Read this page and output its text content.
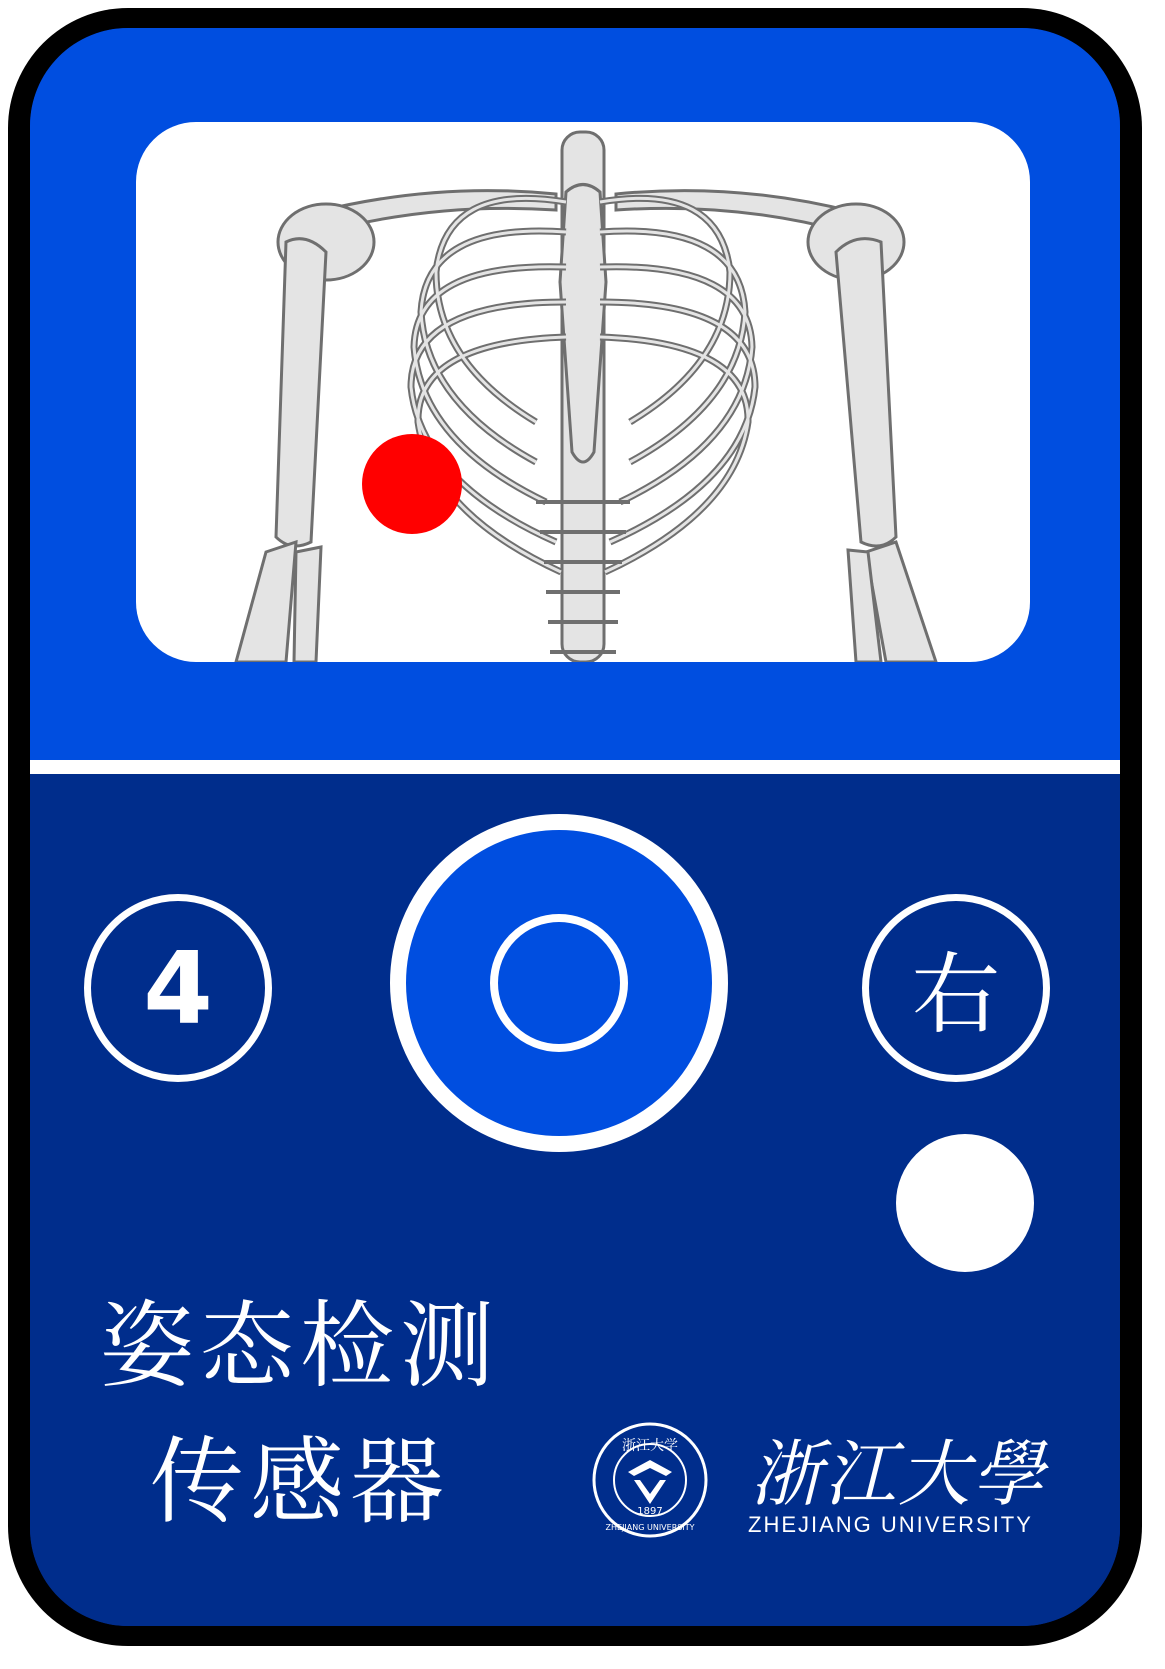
4	右
姿态检测
传感器	浙江大学
1897
ZHEJIANG UNIVERSITY
浙江大學
ZHEJIANG UNIVERSITY
